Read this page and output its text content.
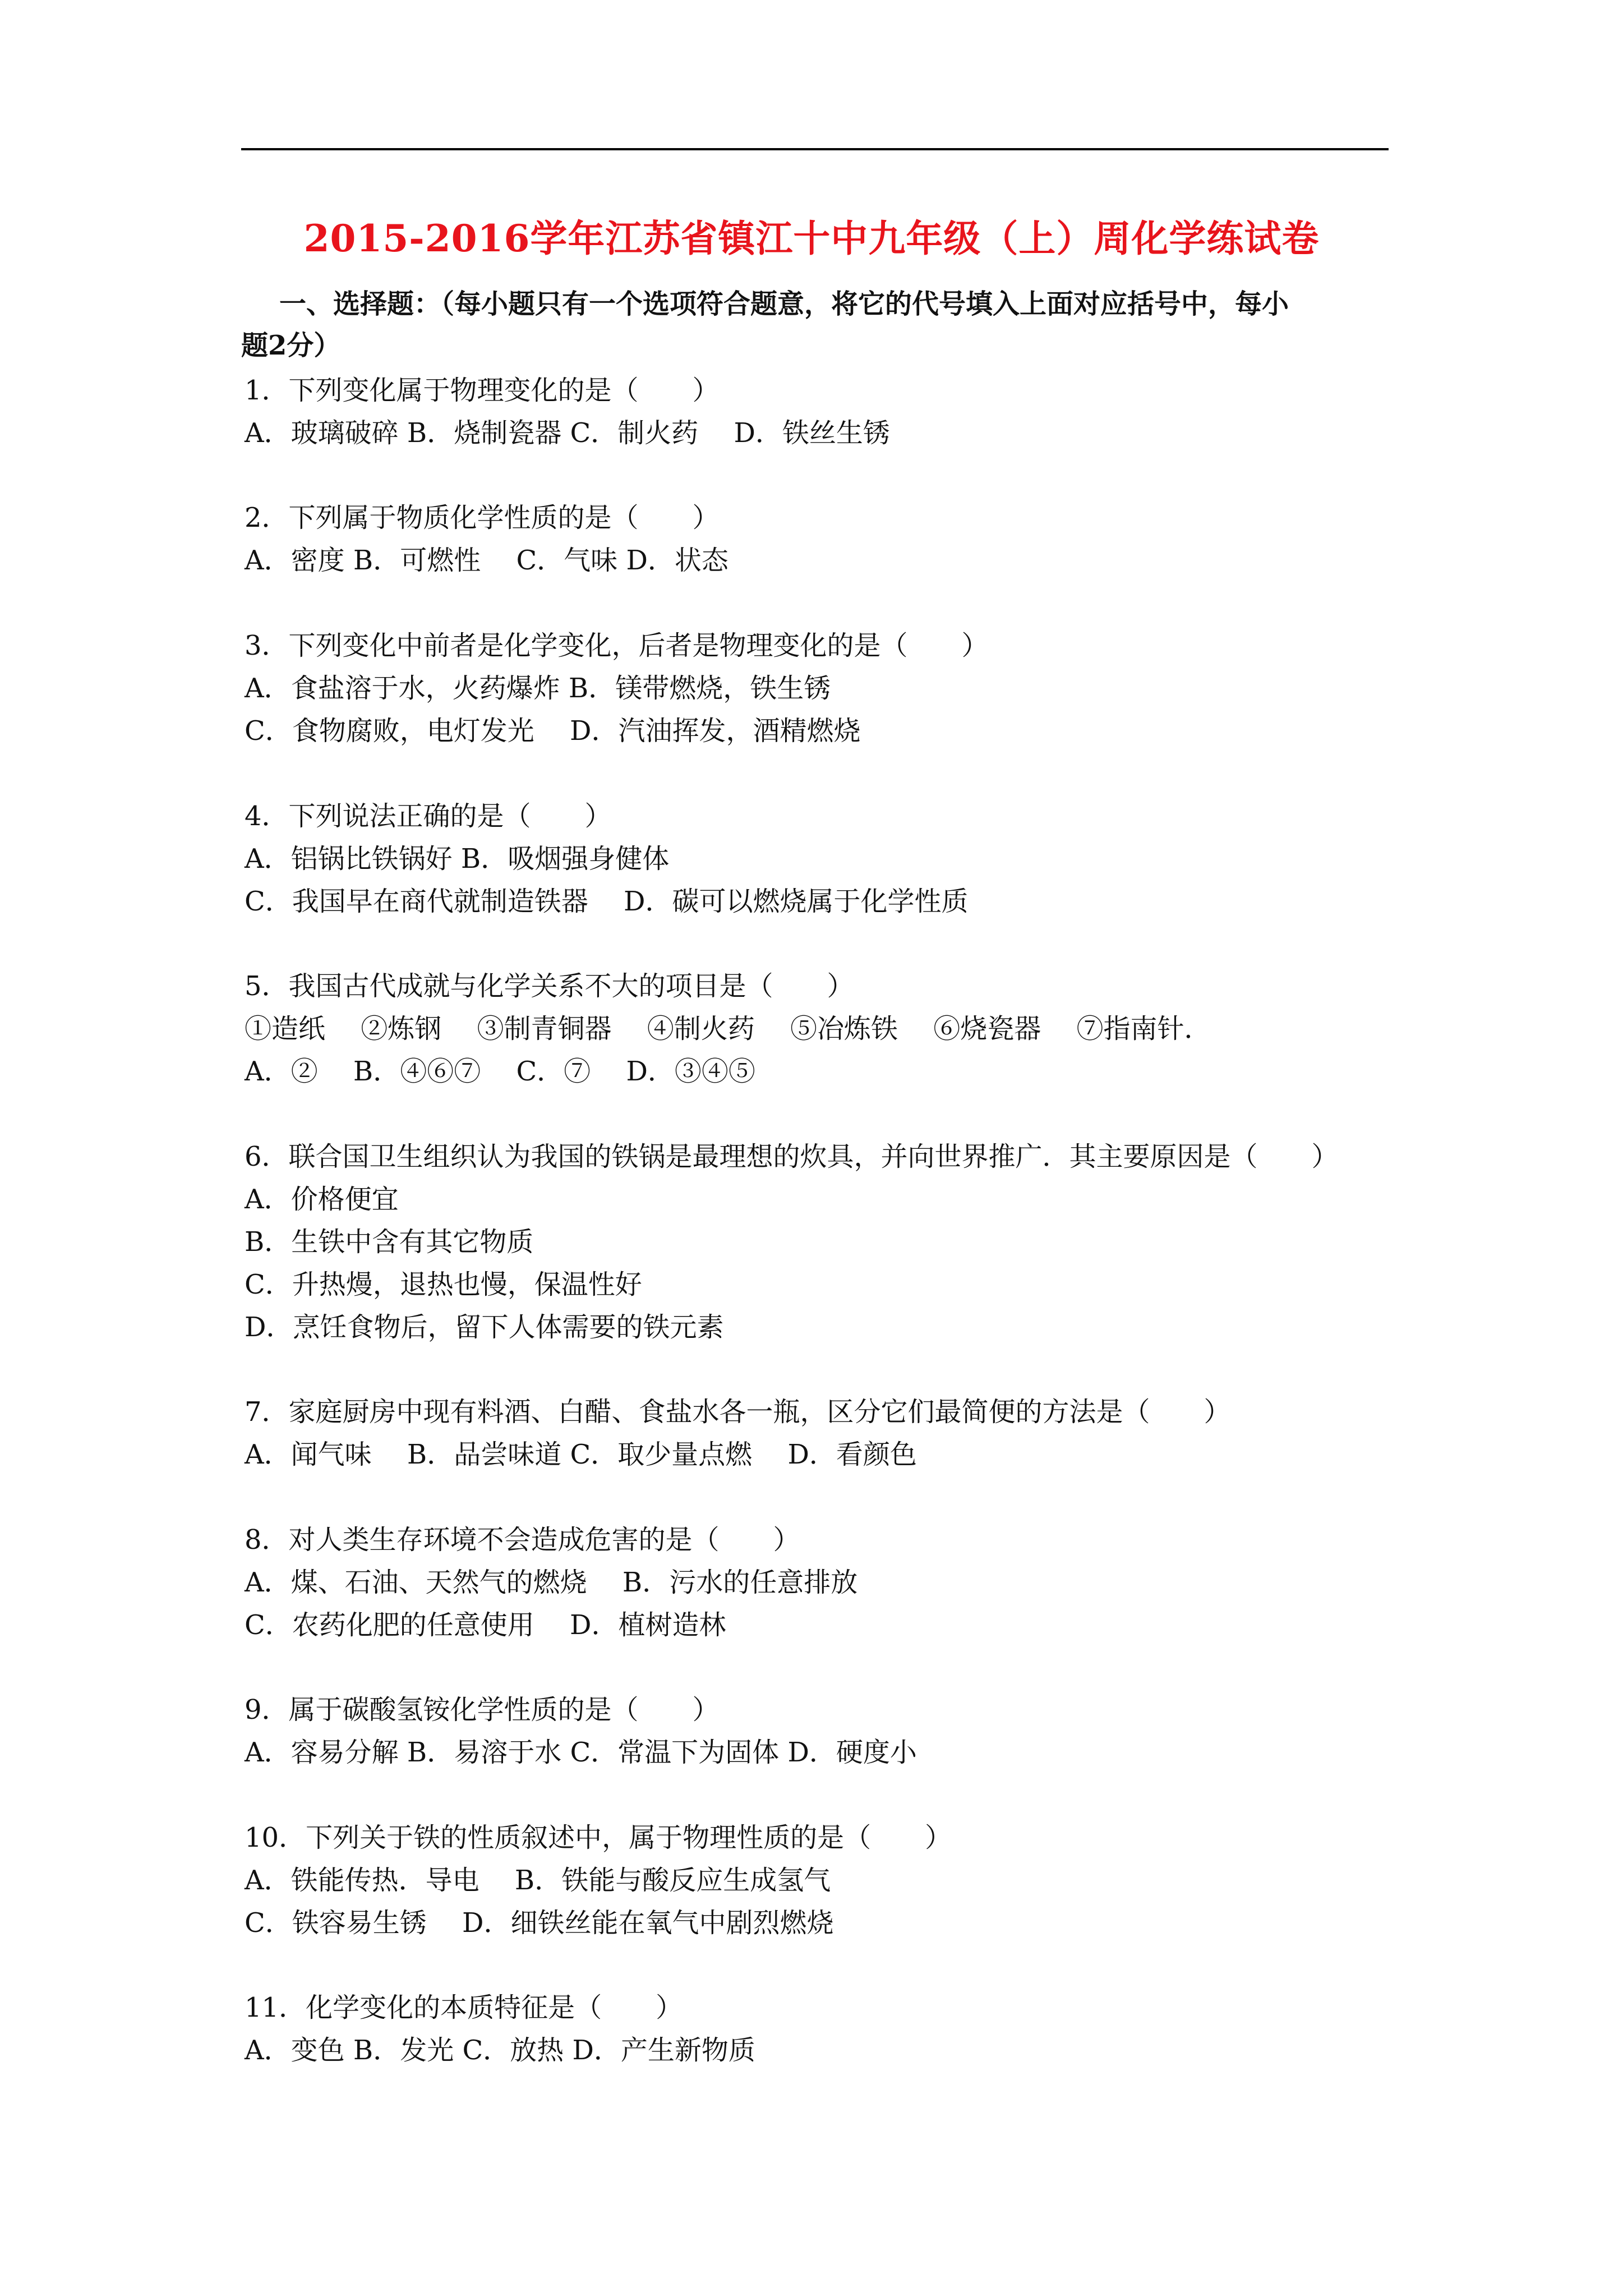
2015-2016学年江苏省镇江十中九年级（上）周化学练试卷
一、选择题：（每小题只有一个选项符合题意，将它的代号填入上面对应括号中，每小
题2分）
1．下列变化属于物理变化的是（　　）
A．玻璃破碎 B．烧制瓷器 C．制火药　 D．铁丝生锈
2．下列属于物质化学性质的是（　　）
A．密度 B．可燃性　 C．气味 D．状态
3．下列变化中前者是化学变化，后者是物理变化的是（　　）
A．食盐溶于水，火药爆炸 B．镁带燃烧，铁生锈
C．食物腐败，电灯发光　 D．汽油挥发，酒精燃烧
4．下列说法正确的是（　　）
A．铝锅比铁锅好 B．吸烟强身健体
C．我国早在商代就制造铁器　 D．碳可以燃烧属于化学性质
5．我国古代成就与化学关系不大的项目是（　　）
①造纸　 ②炼钢　 ③制青铜器　 ④制火药　 ⑤冶炼铁　 ⑥烧瓷器　 ⑦指南针．
A．②　 B．④⑥⑦　 C．⑦　 D．③④⑤
6．联合国卫生组织认为我国的铁锅是最理想的炊具，并向世界推广．其主要原因是（　　）
A．价格便宜
B．生铁中含有其它物质
C．升热熳，退热也慢，保温性好
D．烹饪食物后，留下人体需要的铁元素
7．家庭厨房中现有料酒、白醋、食盐水各一瓶，区分它们最简便的方法是（　　）
A．闻气味　 B．品尝味道 C．取少量点燃　 D．看颜色
8．对人类生存环境不会造成危害的是（　　）
A．煤、石油、天然气的燃烧　 B．污水的任意排放
C．农药化肥的任意使用　 D．植树造林
9．属于碳酸氢铵化学性质的是（　　）
A．容易分解 B．易溶于水 C．常温下为固体 D．硬度小
10．下列关于铁的性质叙述中，属于物理性质的是（　　）
A．铁能传热．导电　 B．铁能与酸反应生成氢气
C．铁容易生锈　 D．细铁丝能在氧气中剧烈燃烧
11．化学变化的本质特征是（　　）
A．变色 B．发光 C．放热 D．产生新物质
